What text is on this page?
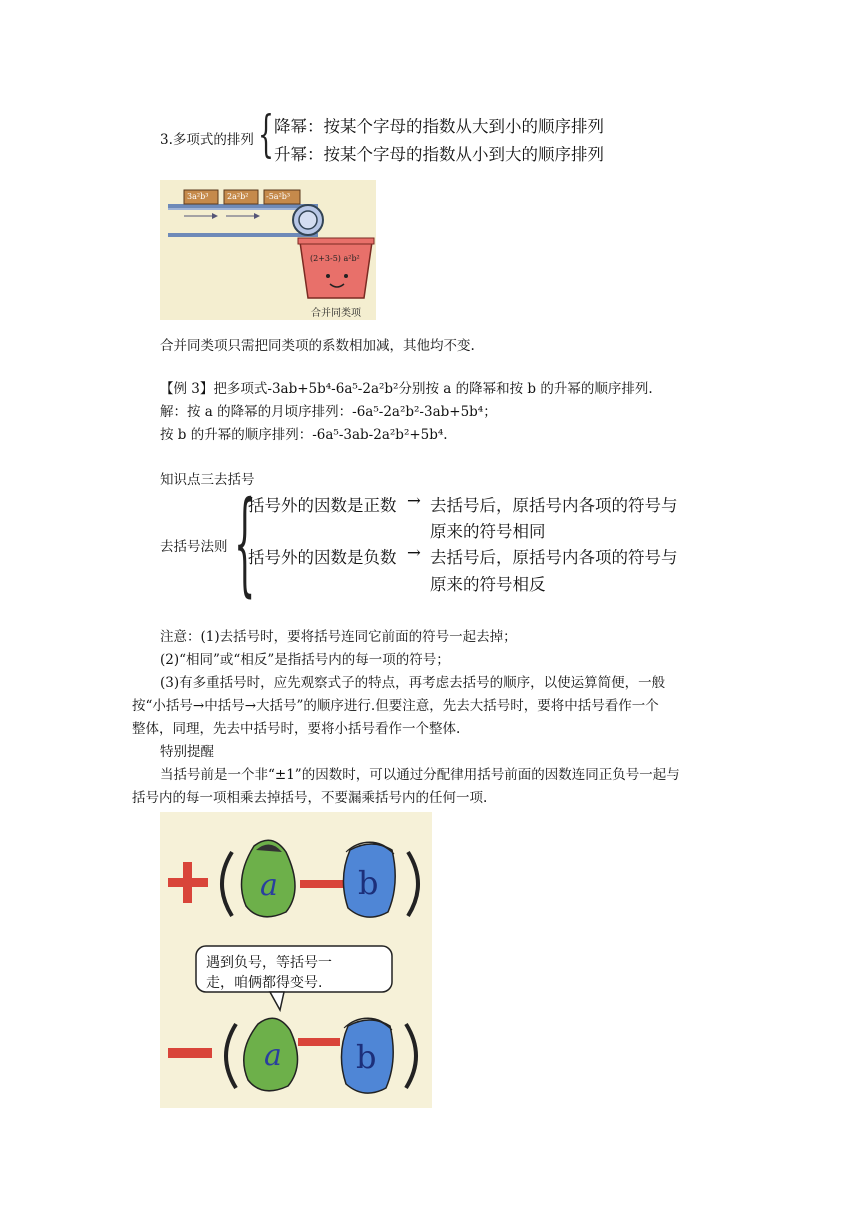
3.多项式的排列 { 降幂：按某个字母的指数从大到小的顺序排列
升幂：按某个字母的指数从小到大的顺序排列
3a²b³ 2a²b² -5a²b³
(2+3-5) a²b²
合并同类项
合并同类项只需把同类项的系数相加减，其他均不变.
【例 3】把多项式-3ab+5b⁴-6a⁵-2a²b²分别按 a 的降幂和按 b 的升幂的顺序排列.
解：按 a 的降幂的月顷序排列：-6a⁵-2a²b²-3ab+5b⁴；
按 b 的升幂的顺序排列：-6a⁵-3ab-2a²b²+5b⁴.
知识点三去括号
去括号法则 {
括号外的因数是正数 → 去括号后，原括号内各项的符号与
原来的符号相同
括号外的因数是负数 → 去括号后，原括号内各项的符号与
原来的符号相反
注意：(1)去括号时，要将括号连同它前面的符号一起去掉；
(2)“相同”或“相反”是指括号内的每一项的符号；
(3)有多重括号时，应先观察式子的特点，再考虑去括号的顺序，以使运算简便，一般
按“小括号→中括号→大括号”的顺序进行.但要注意，先去大括号时，要将中括号看作一个
整体，同理，先去中括号时，要将小括号看作一个整体.
特别提醒
当括号前是一个非“±1”的因数时，可以通过分配律用括号前面的因数连同正负号一起与
括号内的每一项相乘去掉括号，不要漏乘括号内的任何一项.
a	b
遇到负号，等括号一
走，咱俩都得变号.
a b
